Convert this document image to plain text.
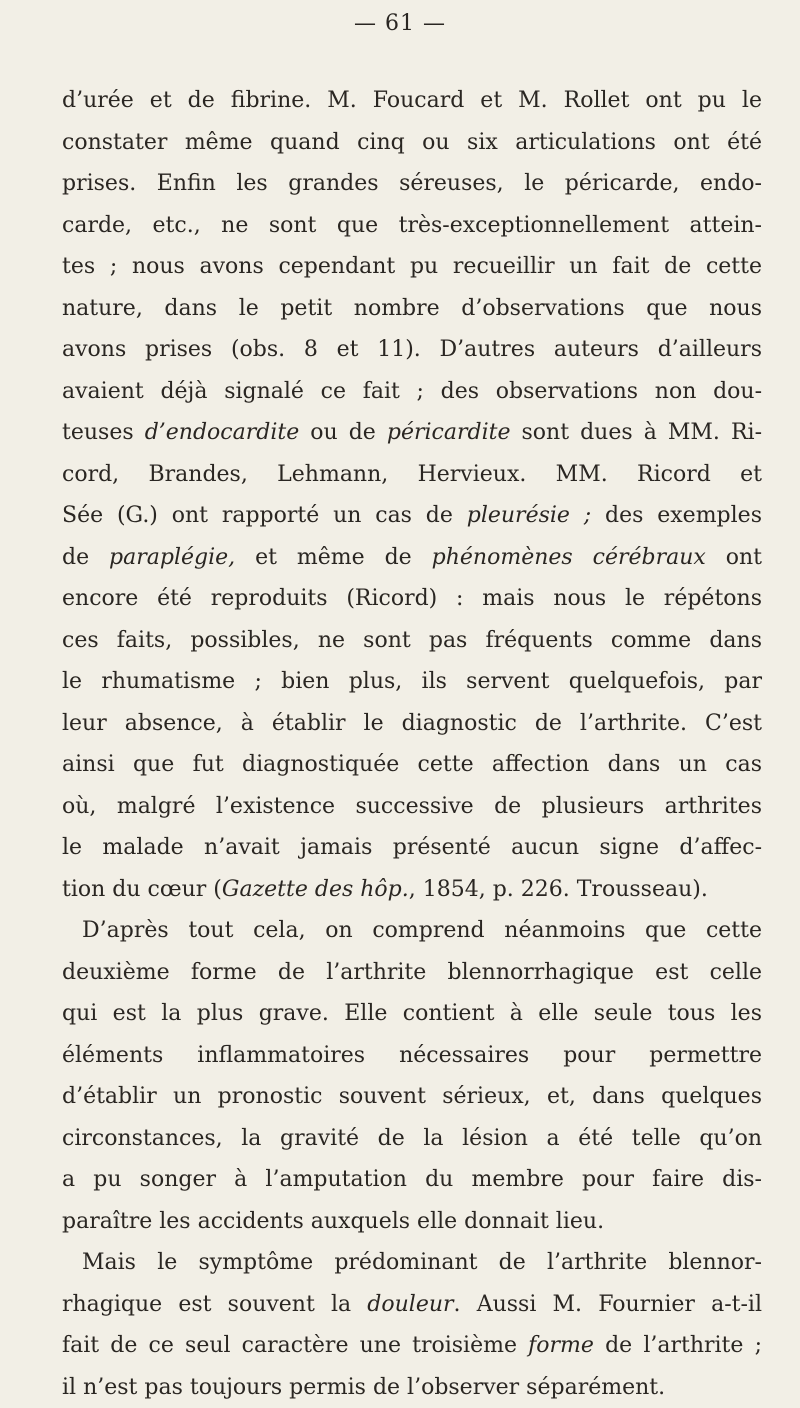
— 61 —
d’urée et de fibrine. M. Foucard et M. Rollet ont pu le
constater même quand cinq ou six articulations ont été
prises. Enfin les grandes séreuses, le péricarde, endo-
carde, etc., ne sont que très-exceptionnellement attein-
tes ; nous avons cependant pu recueillir un fait de cette
nature, dans le petit nombre d’observations que nous
avons prises (obs. 8 et 11). D’autres auteurs d’ailleurs
avaient déjà signalé ce fait ; des observations non dou-
teuses d’endocardite ou de péricardite sont dues à MM. Ri-
cord, Brandes, Lehmann, Hervieux. MM. Ricord et
Sée (G.) ont rapporté un cas de pleurésie ; des exemples
de paraplégie, et même de phénomènes cérébraux ont
encore été reproduits (Ricord) : mais nous le répétons
ces faits, possibles, ne sont pas fréquents comme dans
le rhumatisme ; bien plus, ils servent quelquefois, par
leur absence, à établir le diagnostic de l’arthrite. C’est
ainsi que fut diagnostiquée cette affection dans un cas
où, malgré l’existence successive de plusieurs arthrites
le malade n’avait jamais présenté aucun signe d’affec-
tion du cœur (Gazette des hôp., 1854, p. 226. Trousseau).
D’après tout cela, on comprend néanmoins que cette
deuxième forme de l’arthrite blennorrhagique est celle
qui est la plus grave. Elle contient à elle seule tous les
éléments inflammatoires nécessaires pour permettre
d’établir un pronostic souvent sérieux, et, dans quelques
circonstances, la gravité de la lésion a été telle qu’on
a pu songer à l’amputation du membre pour faire dis-
paraître les accidents auxquels elle donnait lieu.
Mais le symptôme prédominant de l’arthrite blennor-
rhagique est souvent la douleur. Aussi M. Fournier a-t-il
fait de ce seul caractère une troisième forme de l’arthrite ;
il n’est pas toujours permis de l’observer séparément.
